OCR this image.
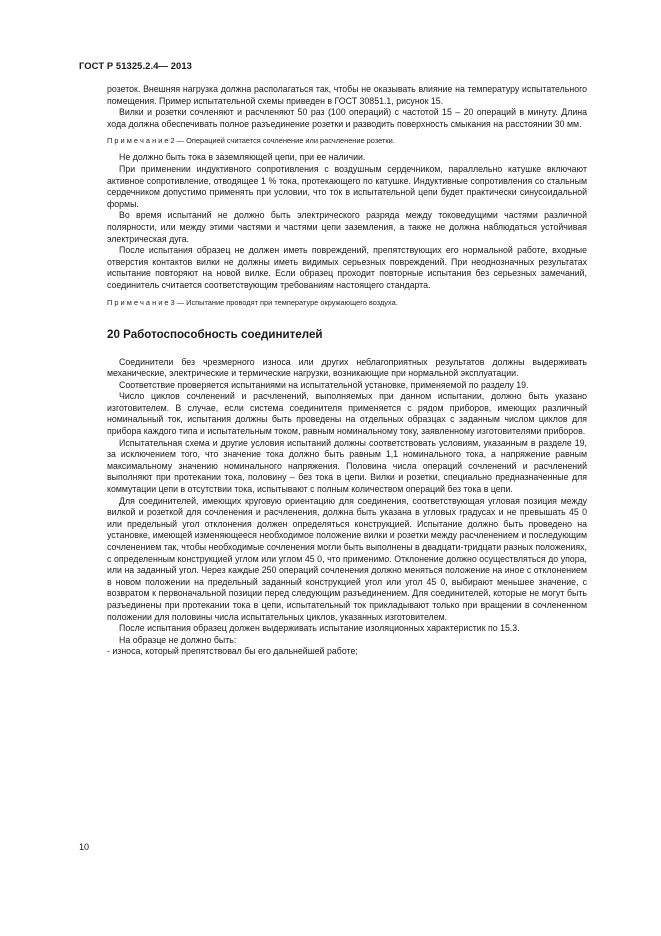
ГОСТ Р 51325.2.4— 2013

розеток. Внешняя нагрузка должна располагаться так, чтобы не оказывать влияние на температуру испытательного помещения. Пример испытательной схемы приведен в ГОСТ 30851.1, рисунок 15.

Вилки и розетки сочленяют и расчленяют 50 раз (100 операций) с частотой 15 – 20 операций в минуту. Длина хода должна обеспечивать полное разъединение розетки и разводить поверхность смыкания на расстоянии 30 мм.

П р и м е ч а н и е 2 — Операцией считается сочленение или расчленение розетки.

Не должно быть тока в заземляющей цепи, при ее наличии.

При применении индуктивного сопротивления с воздушным сердечником, параллельно катушке включают активное сопротивление, отводящее 1 % тока, протекающего по катушке. Индуктивные сопротивления со стальным сердечником допустимо применять при условии, что ток в испытательной цепи будет практически синусоидальной формы.

Во время испытаний не должно быть электрического разряда между токоведущими частями различной полярности, или между этими частями и частями цепи заземления, а также не должна наблюдаться устойчивая электрическая дуга.

После испытания образец не должен иметь повреждений, препятствующих его нормальной работе, входные отверстия контактов вилки не должны иметь видимых серьезных повреждений. При неоднозначных результатах испытание повторяют на новой вилке. Если образец проходит повторные испытания без серьезных замечаний, соединитель считается соответствующим требованиям настоящего стандарта.

П р и м е ч а н и е 3 — Испытание проводят при температуре окружающего воздуха.

20 Работоспособность соединителей

Соединители без чрезмерного износа или других неблагоприятных результатов должны выдерживать механические, электрические и термические нагрузки, возникающие при нормальной эксплуатации.

Соответствие проверяется испытаниями на испытательной установке, применяемой по разделу 19.

Число циклов сочленений и расчленений, выполняемых при данном испытании, должно быть указано изготовителем. В случае, если система соединителя применяется с рядом приборов, имеющих различный номинальный ток, испытания должны быть проведены на отдельных образцах с заданным числом циклов для прибора каждого типа и испытательным током, равным номинальному току, заявленному изготовителями приборов.

Испытательная схема и другие условия испытаний должны соответствовать условиям, указанным в разделе 19, за исключением того, что значение тока должно быть равным 1,1 номинального тока, а напряжение равным максимальному значению номинального напряжения. Половина числа операций сочленений и расчленений выполняют при протекании тока, половину – без тока в цепи. Вилки и розетки, специально предназначенные для коммутации цепи в отсутствии тока, испытывают с полным количеством операций без тока в цепи.

Для соединителей, имеющих круговую ориентацию для соединения, соответствующая угловая позиция между вилкой и розеткой для сочленения и расчленения, должна быть указана в угловых градусах и не превышать 45 0 или предельный угол отклонения должен определяться конструкцией. Испытание должно быть проведено на установке, имеющей изменяющееся необходимое положение вилки и розетки между расчленением и последующим сочленением так, чтобы необходимые сочленения могли быть выполнены в двадцати-тридцати разных положениях, с определенным конструкцией углом или углом 45 0, что применимо. Отклонение должно осуществляться до упора, или на заданный угол. Через каждые 250 операций сочленения должно меняться положение на иное с отклонением в новом положении на предельный заданный конструкцией угол или угол 45 0, выбирают меньшее значение, с возвратом к первоначальной позиции перед следующим разъединением. Для соединителей, которые не могут быть разъединены при протекании тока в цепи, испытательный ток прикладывают только при вращении в сочлененном положении для половины числа испытательных циклов, указанных изготовителем.

После испытания образец должен выдерживать испытание изоляционных характеристик по 15.3.

На образце не должно быть:

- износа, который препятствовал бы его дальнейшей работе;

10
